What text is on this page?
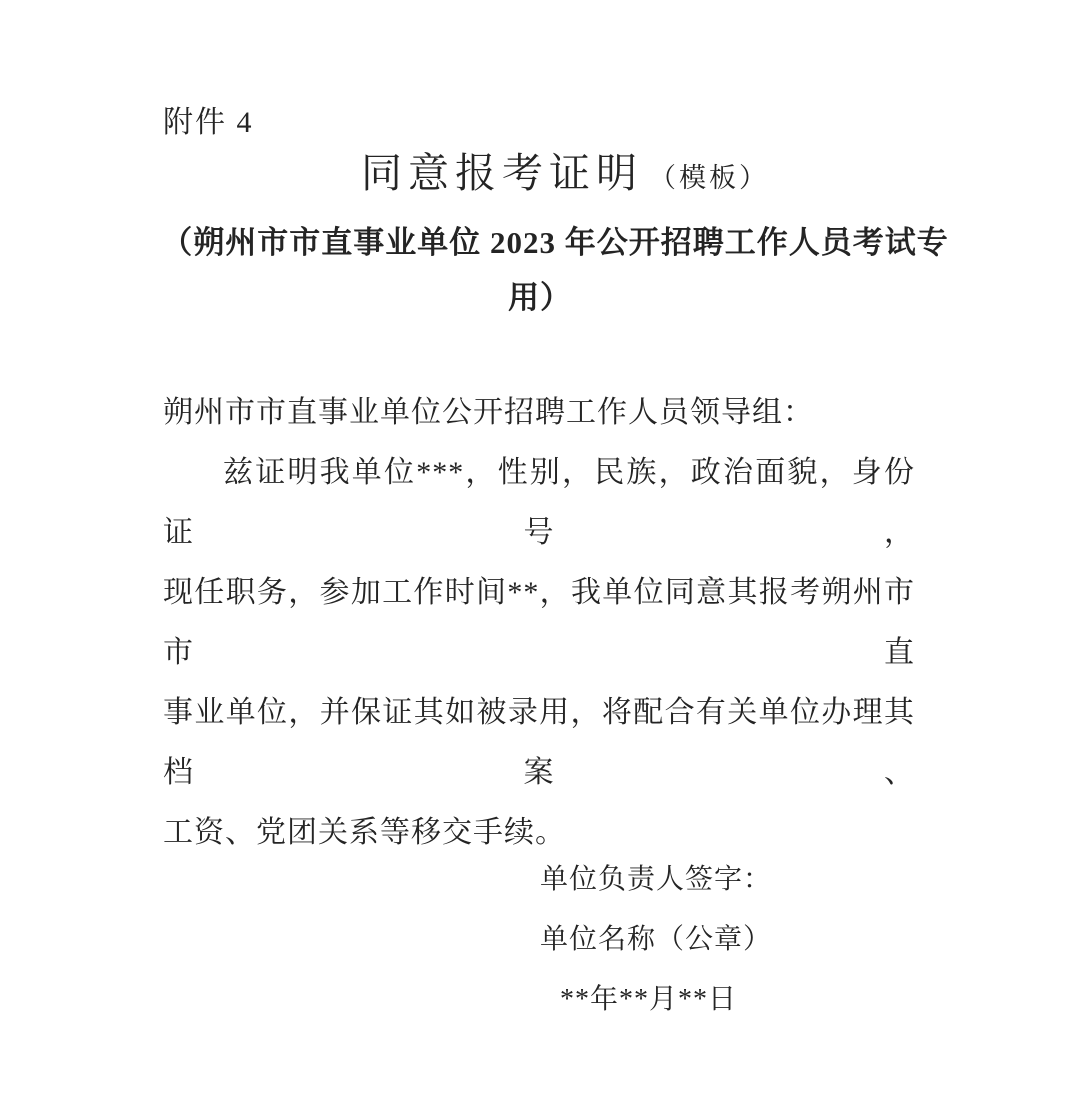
附件 4
同意报考证明 （模板）
（朔州市市直事业单位 2023 年公开招聘工作人员考试专
用）
朔州市市直事业单位公开招聘工作人员领导组：
兹证明我单位***，性别，民族，政治面貌，身份证号，
现任职务，参加工作时间**，我单位同意其报考朔州市市直
事业单位，并保证其如被录用，将配合有关单位办理其档案、
工资、党团关系等移交手续。
单位负责人签字：
单位名称（公章）
**年**月**日
